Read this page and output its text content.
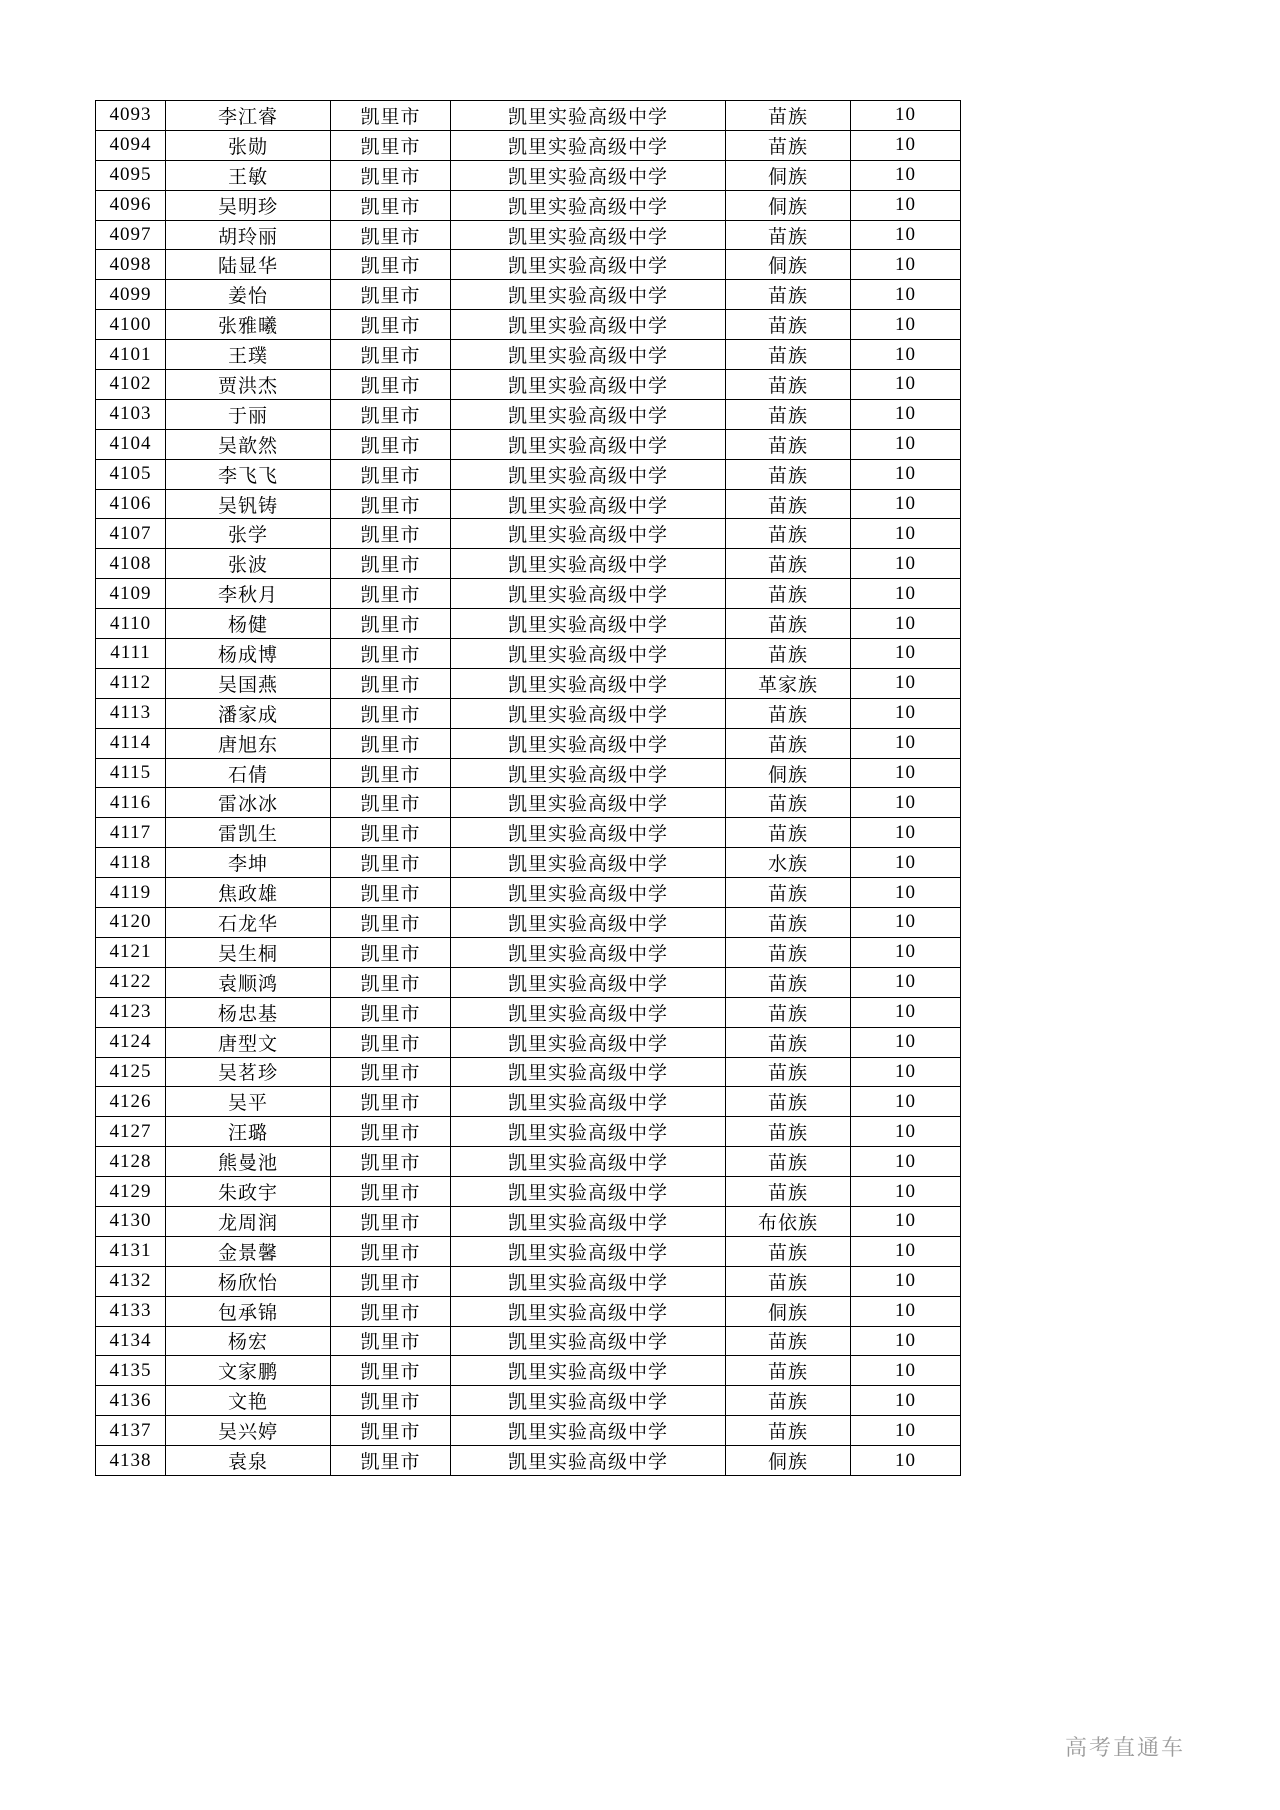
4093	李江睿	凯里市	凯里实验高级中学	苗族	10
4094	张勋	凯里市	凯里实验高级中学	苗族	10
4095	王敏	凯里市	凯里实验高级中学	侗族	10
4096	吴明珍	凯里市	凯里实验高级中学	侗族	10
4097	胡玲丽	凯里市	凯里实验高级中学	苗族	10
4098	陆显华	凯里市	凯里实验高级中学	侗族	10
4099	姜怡	凯里市	凯里实验高级中学	苗族	10
4100	张雅曦	凯里市	凯里实验高级中学	苗族	10
4101	王璞	凯里市	凯里实验高级中学	苗族	10
4102	贾洪杰	凯里市	凯里实验高级中学	苗族	10
4103	于丽	凯里市	凯里实验高级中学	苗族	10
4104	吴歆然	凯里市	凯里实验高级中学	苗族	10
4105	李飞飞	凯里市	凯里实验高级中学	苗族	10
4106	吴钒铸	凯里市	凯里实验高级中学	苗族	10
4107	张学	凯里市	凯里实验高级中学	苗族	10
4108	张波	凯里市	凯里实验高级中学	苗族	10
4109	李秋月	凯里市	凯里实验高级中学	苗族	10
4110	杨健	凯里市	凯里实验高级中学	苗族	10
4111	杨成博	凯里市	凯里实验高级中学	苗族	10
4112	吴国燕	凯里市	凯里实验高级中学	革家族	10
4113	潘家成	凯里市	凯里实验高级中学	苗族	10
4114	唐旭东	凯里市	凯里实验高级中学	苗族	10
4115	石倩	凯里市	凯里实验高级中学	侗族	10
4116	雷冰冰	凯里市	凯里实验高级中学	苗族	10
4117	雷凯生	凯里市	凯里实验高级中学	苗族	10
4118	李坤	凯里市	凯里实验高级中学	水族	10
4119	焦政雄	凯里市	凯里实验高级中学	苗族	10
4120	石龙华	凯里市	凯里实验高级中学	苗族	10
4121	吴生桐	凯里市	凯里实验高级中学	苗族	10
4122	袁顺鸿	凯里市	凯里实验高级中学	苗族	10
4123	杨忠基	凯里市	凯里实验高级中学	苗族	10
4124	唐型文	凯里市	凯里实验高级中学	苗族	10
4125	吴茗珍	凯里市	凯里实验高级中学	苗族	10
4126	吴平	凯里市	凯里实验高级中学	苗族	10
4127	汪璐	凯里市	凯里实验高级中学	苗族	10
4128	熊曼池	凯里市	凯里实验高级中学	苗族	10
4129	朱政宇	凯里市	凯里实验高级中学	苗族	10
4130	龙周润	凯里市	凯里实验高级中学	布依族	10
4131	金景馨	凯里市	凯里实验高级中学	苗族	10
4132	杨欣怡	凯里市	凯里实验高级中学	苗族	10
4133	包承锦	凯里市	凯里实验高级中学	侗族	10
4134	杨宏	凯里市	凯里实验高级中学	苗族	10
4135	文家鹏	凯里市	凯里实验高级中学	苗族	10
4136	文艳	凯里市	凯里实验高级中学	苗族	10
4137	吴兴婷	凯里市	凯里实验高级中学	苗族	10
4138	袁泉	凯里市	凯里实验高级中学	侗族	10
高考直通车
